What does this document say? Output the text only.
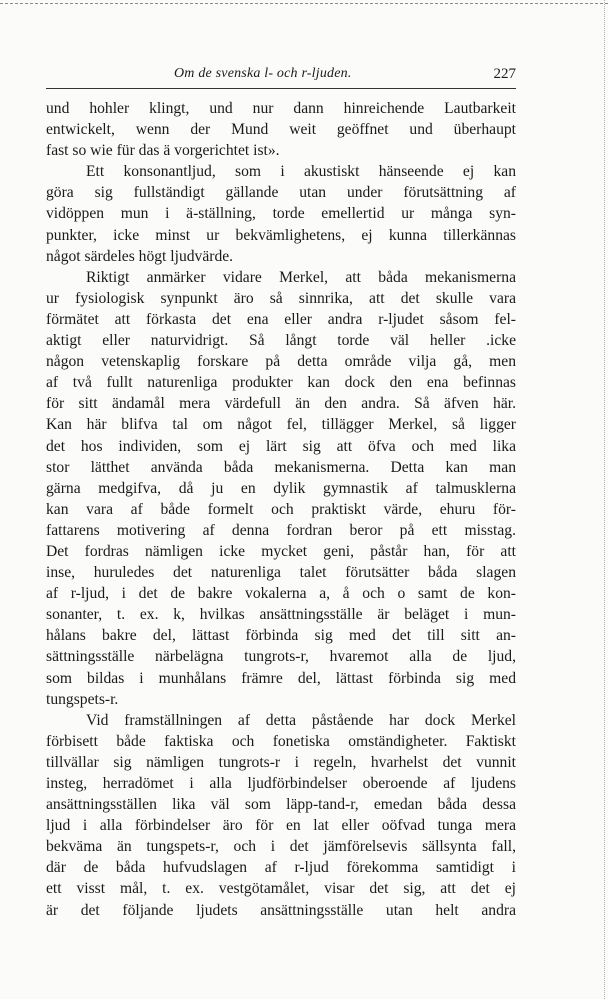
Om de svenska l- och r-ljuden.	227
und hohler klingt, und nur dann hinreichende Lautbarkeit
entwickelt, wenn der Mund weit geöffnet und überhaupt
fast so wie für das ä vorgerichtet ist».
Ett konsonantljud, som i akustiskt hänseende ej kan
göra sig fullständigt gällande utan under förutsättning af
vidöppen mun i ä-ställning, torde emellertid ur många syn-
punkter, icke minst ur bekvämlighetens, ej kunna tillerkännas
något särdeles högt ljudvärde.
Riktigt anmärker vidare Merkel, att båda mekanismerna
ur fysiologisk synpunkt äro så sinnrika, att det skulle vara
förmätet att förkasta det ena eller andra r-ljudet såsom fel-
aktigt eller naturvidrigt. Så långt torde väl heller .icke
någon vetenskaplig forskare på detta område vilja gå, men
af två fullt naturenliga produkter kan dock den ena befinnas
för sitt ändamål mera värdefull än den andra. Så äfven här.
Kan här blifva tal om något fel, tillägger Merkel, så ligger
det hos individen, som ej lärt sig att öfva och med lika
stor lätthet använda båda mekanismerna. Detta kan man
gärna medgifva, då ju en dylik gymnastik af talmusklerna
kan vara af både formelt och praktiskt värde, ehuru för-
fattarens motivering af denna fordran beror på ett misstag.
Det fordras nämligen icke mycket geni, påstår han, för att
inse, huruledes det naturenliga talet förutsätter båda slagen
af r-ljud, i det de bakre vokalerna a, å och o samt de kon-
sonanter, t. ex. k, hvilkas ansättningsställe är beläget i mun-
hålans bakre del, lättast förbinda sig med det till sitt an-
sättningsställe närbelägna tungrots-r, hvaremot alla de ljud,
som bildas i munhålans främre del, lättast förbinda sig med
tungspets-r.
Vid framställningen af detta påstående har dock Merkel
förbisett både faktiska och fonetiska omständigheter. Faktiskt
tillvällar sig nämligen tungrots-r i regeln, hvarhelst det vunnit
insteg, herradömet i alla ljudförbindelser oberoende af ljudens
ansättningsställen lika väl som läpp-tand-r, emedan båda dessa
ljud i alla förbindelser äro för en lat eller oöfvad tunga mera
bekväma än tungspets-r, och i det jämförelsevis sällsynta fall,
där de båda hufvudslagen af r-ljud förekomma samtidigt i
ett visst mål, t. ex. vestgötamålet, visar det sig, att det ej
är det följande ljudets ansättningsställe utan helt andra
